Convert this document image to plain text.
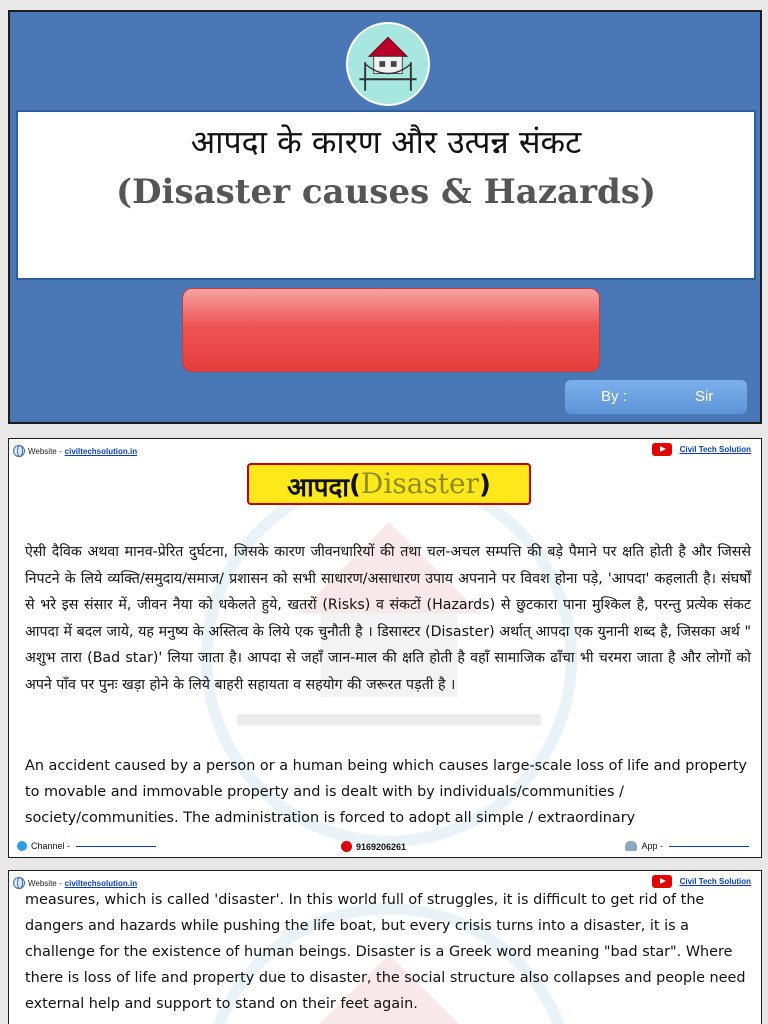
आपदा के कारण और उत्पन्न संकट
(Disaster causes & Hazards)
By :	Sir
Website - civiltechsolution.in	Civil Tech Solution
आपदा(Disaster)

ऐसी दैविक अथवा मानव-प्रेरित दुर्घटना, जिसके कारण जीवनधारियों की तथा चल-अचल सम्पत्ति की बड़े पैमाने पर क्षति होती है और जिससे निपटने के लिये व्यक्ति/समुदाय/समाज/ प्रशासन को सभी साधारण/असाधारण उपाय अपनाने पर विवश होना पड़े, 'आपदा' कहलाती है। संघर्षों से भरे इस संसार में, जीवन नैया को धकेलते हुये, खतरों (Risks) व संकटों (Hazards) से छुटकारा पाना मुश्किल है, परन्तु प्रत्येक संकट आपदा में बदल जाये, यह मनुष्य के अस्तित्व के लिये एक चुनौती है । डिसास्टर (Disaster) अर्थात् आपदा एक युनानी शब्द है, जिसका अर्थ " अशुभ तारा (Bad star)' लिया जाता है। आपदा से जहाँ जान-माल की क्षति होती है वहाँ सामाजिक ढाँचा भी चरमरा जाता है और लोगों को अपने पाँव पर पुनः खड़ा होने के लिये बाहरी सहायता व सहयोग की जरूरत पड़ती है ।

An accident caused by a person or a human being which causes large-scale loss of life and property to movable and immovable property and is dealt with by individuals/communities / society/communities. The administration is forced to adopt all simple / extraordinary

Channel -	9169206261	App -
Website - civiltechsolution.in	Civil Tech Solution

measures, which is called 'disaster'. In this world full of struggles, it is difficult to get rid of the dangers and hazards while pushing the life boat, but every crisis turns into a disaster, it is a challenge for the existence of human beings. Disaster is a Greek word meaning "bad star". Where there is loss of life and property due to disaster, the social structure also collapses and people need external help and support to stand on their feet again.
